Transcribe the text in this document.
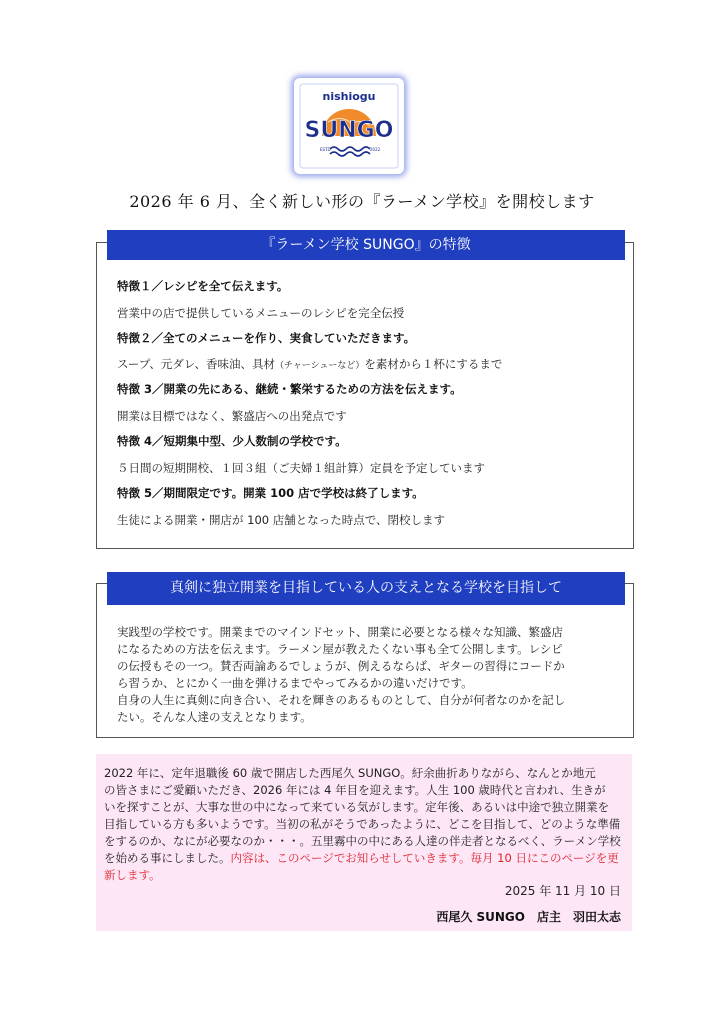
nishiogu
SUNGO
ESTD	2022
2026 年 6 月、全く新しい形の『ラーメン学校』を開校します
『ラーメン学校 SUNGO』の特徴
特徴１／レシピを全て伝えます。
営業中の店で提供しているメニューのレシピを完全伝授
特徴２／全てのメニューを作り、実食していただきます。
スープ、元ダレ、香味油、具材（チャーシューなど）を素材から１杯にするまで
特徴 3／開業の先にある、継続・繁栄するための方法を伝えます。
開業は目標ではなく、繁盛店への出発点です
特徴 4／短期集中型、少人数制の学校です。
５日間の短期開校、１回３組（ご夫婦１組計算）定員を予定しています
特徴 5／期間限定です。開業 100 店で学校は終了します。
生徒による開業・開店が 100 店舗となった時点で、閉校します
真剣に独立開業を目指している人の支えとなる学校を目指して

実践型の学校です。開業までのマインドセット、開業に必要となる様々な知識、繁盛店

になるための方法を伝えます。ラーメン屋が教えたくない事も全て公開します。レシピ

の伝授もその一つ。賛否両論あるでしょうが、例えるならば、ギターの習得にコードか

ら習うか、とにかく一曲を弾けるまでやってみるかの違いだけです。

自身の人生に真剣に向き合い、それを輝きのあるものとして、自分が何者なのかを記し

たい。そんな人達の支えとなります。

2022 年に、定年退職後 60 歳で開店した西尾久 SUNGO。紆余曲折ありながら、なんとか地元
の皆さまにご愛顧いただき、2026 年には 4 年目を迎えます。人生 100 歳時代と言われ、生きが
いを探すことが、大事な世の中になって来ている気がします。定年後、あるいは中途で独立開業を
目指している方も多いようです。当初の私がそうであったように、どこを目指して、どのような準備
をするのか、なにが必要なのか・・・。五里霧中の中にある人達の伴走者となるべく、ラーメン学校
を始める事にしました。内容は、このページでお知らせしていきます。毎月 10 日にこのページを更
新します。
2025 年 11 月 10 日
西尾久 SUNGO　店主　羽田太志
